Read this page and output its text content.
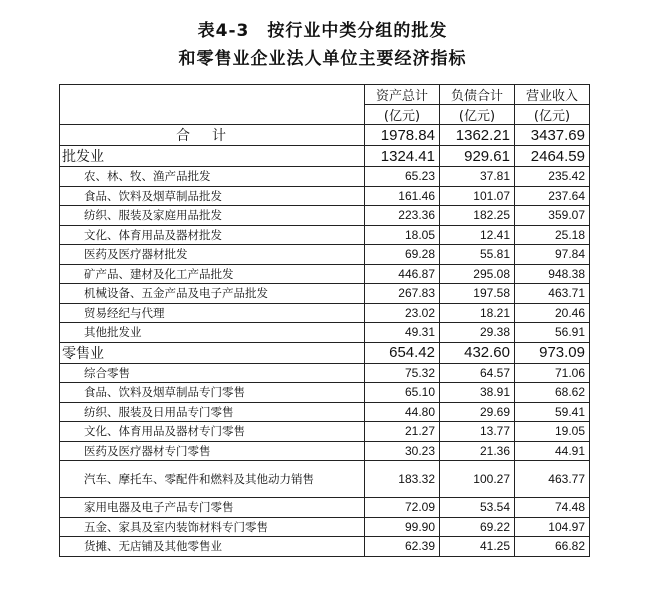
表4-3　按行业中类分组的批发
和零售业企业法人单位主要经济指标
	资产总计	负债合计	营业收入
	(亿元)	(亿元)	(亿元)
合计	1978.84	1362.21	3437.69
批发业	1324.41	929.61	2464.59
农、林、牧、渔产品批发	65.23	37.81	235.42
食品、饮料及烟草制品批发	161.46	101.07	237.64
纺织、服装及家庭用品批发	223.36	182.25	359.07
文化、体育用品及器材批发	18.05	12.41	25.18
医药及医疗器材批发	69.28	55.81	97.84
矿产品、建材及化工产品批发	446.87	295.08	948.38
机械设备、五金产品及电子产品批发	267.83	197.58	463.71
贸易经纪与代理	23.02	18.21	20.46
其他批发业	49.31	29.38	56.91
零售业	654.42	432.60	973.09
综合零售	75.32	64.57	71.06
食品、饮料及烟草制品专门零售	65.10	38.91	68.62
纺织、服装及日用品专门零售	44.80	29.69	59.41
文化、体育用品及器材专门零售	21.27	13.77	19.05
医药及医疗器材专门零售	30.23	21.36	44.91
汽车、摩托车、零配件和燃料及其他动力销售	183.32	100.27	463.77
家用电器及电子产品专门零售	72.09	53.54	74.48
五金、家具及室内装饰材料专门零售	99.90	69.22	104.97
货摊、无店铺及其他零售业	62.39	41.25	66.82
